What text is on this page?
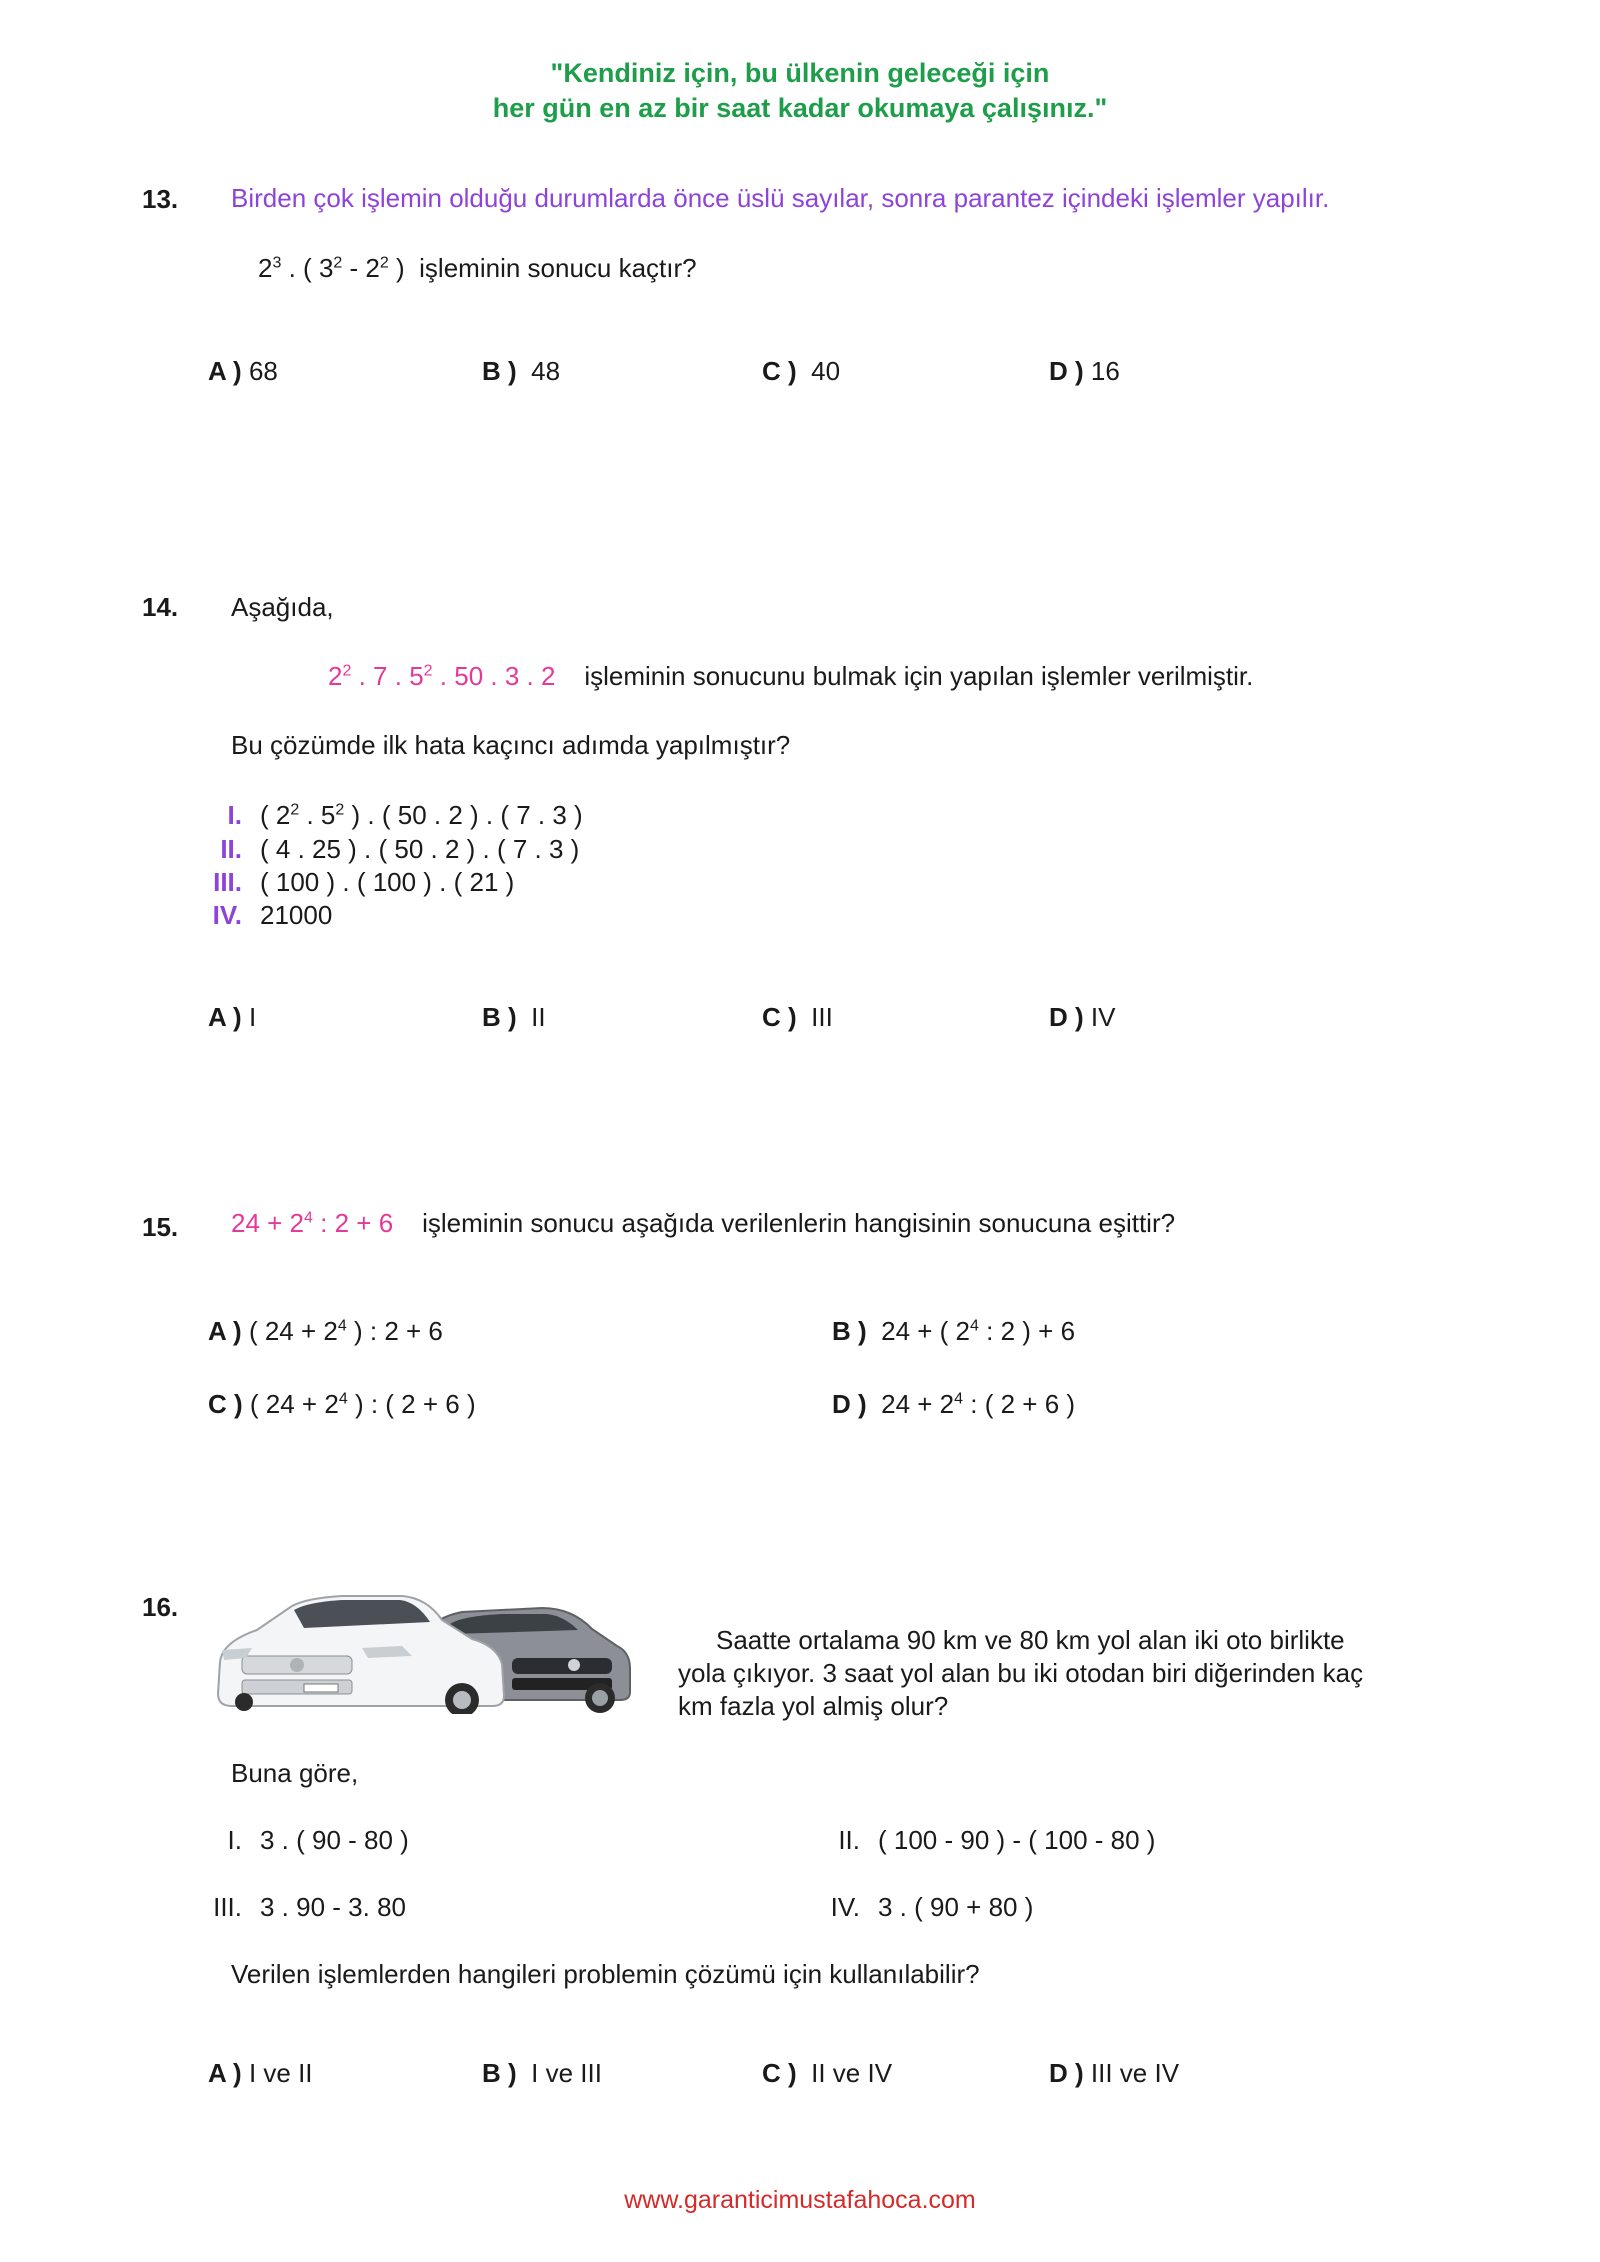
"Kendiniz için, bu ülkenin geleceği için
her gün en az bir saat kadar okumaya çalışınız."
13. Birden çok işlemin olduğu durumlarda önce üslü sayılar, sonra parantez içindeki işlemler yapılır.
$2^3$ . ( $3^2 - 2^2$ ) işleminin sonucu kaçtır?
A ) 68	B ) 48	C ) 40	D ) 16
14. Aşağıda,
$2^2$ . 7 . $5^2$ . 50 . 3 . 2 işleminin sonucunu bulmak için yapılan işlemler verilmiştir.
Bu çözümde ilk hata kaçıncı adımda yapılmıştır?
I. ( $2^2$ . $5^2$ ) . ( 50 . 2 ) . ( 7 . 3 )
II. ( 4 . 25 ) . ( 50 . 2 ) . ( 7 . 3 )
III. ( 100 ) . ( 100 ) . ( 21 )
IV. 21000
A ) I	B ) II	C ) III	D ) IV
15. $24 + 2^4$ : 2 + 6 işleminin sonucu aşağıda verilenlerin hangisinin sonucuna eşittir?
A ) ( $24 + 2^4$ ) : 2 + 6	B ) 24 + ( $2^4$ : 2 ) + 6
C ) ( $24 + 2^4$ ) : ( 2 + 6 )	D ) $24 + 2^4$ : ( 2 + 6 )
16.
Saatte ortalama 90 km ve 80 km yol alan iki oto birlikte
yola çıkıyor. 3 saat yol alan bu iki otodan biri diğerinden kaç
km fazla yol almiş olur?
Buna göre,
I. 3 . ( 90 - 80 )	II. ( 100 - 90 ) - ( 100 - 80 )
III. 3 . 90 - 3. 80	IV. 3 . ( 90 + 80 )
Verilen işlemlerden hangileri problemin çözümü için kullanılabilir?
A ) I ve II	B ) I ve III	C ) II ve IV	D ) III ve IV
www.garanticimustafahoca.com
